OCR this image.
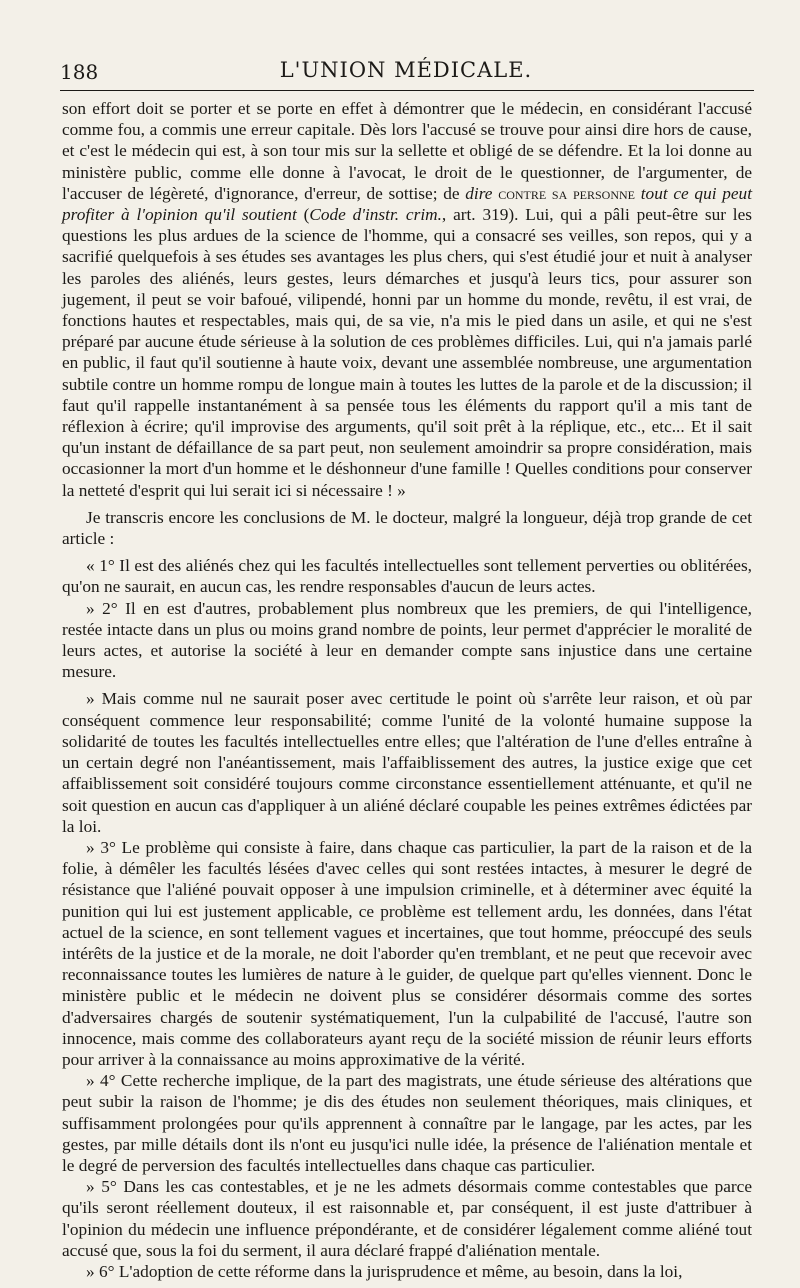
188	L'UNION MÉDICALE.

son effort doit se porter et se porte en effet à démontrer que le médecin, en considérant l'accusé comme fou, a commis une erreur capitale. Dès lors l'accusé se trouve pour ainsi dire hors de cause, et c'est le médecin qui est, à son tour mis sur la sellette et obligé de se défendre. Et la loi donne au ministère public, comme elle donne à l'avocat, le droit de le questionner, de l'argumenter, de l'accuser de légèreté, d'ignorance, d'erreur, de sottise; de dire contre sa personne tout ce qui peut profiter à l'opinion qu'il soutient (Code d'instr. crim., art. 319). Lui, qui a pâli peut-être sur les questions les plus ardues de la science de l'homme, qui a consacré ses veilles, son repos, qui y a sacrifié quelquefois à ses études ses avantages les plus chers, qui s'est étudié jour et nuit à analyser les paroles des aliénés, leurs gestes, leurs démarches et jusqu'à leurs tics, pour assurer son jugement, il peut se voir bafoué, vilipendé, honni par un homme du monde, revêtu, il est vrai, de fonctions hautes et respectables, mais qui, de sa vie, n'a mis le pied dans un asile, et qui ne s'est préparé par aucune étude sérieuse à la solution de ces problèmes difficiles. Lui, qui n'a jamais parlé en public, il faut qu'il soutienne à haute voix, devant une assemblée nombreuse, une argumentation subtile contre un homme rompu de longue main à toutes les luttes de la parole et de la discussion; il faut qu'il rappelle instantanément à sa pensée tous les éléments du rapport qu'il a mis tant de réflexion à écrire; qu'il improvise des arguments, qu'il soit prêt à la réplique, etc., etc... Et il sait qu'un instant de défaillance de sa part peut, non seulement amoindrir sa propre considération, mais occasionner la mort d'un homme et le déshonneur d'une famille ! Quelles conditions pour conserver la netteté d'esprit qui lui serait ici si nécessaire ! »

Je transcris encore les conclusions de M. le docteur, malgré la longueur, déjà trop grande de cet article :

« 1° Il est des aliénés chez qui les facultés intellectuelles sont tellement perverties ou oblitérées, qu'on ne saurait, en aucun cas, les rendre responsables d'aucun de leurs actes.

» 2° Il en est d'autres, probablement plus nombreux que les premiers, de qui l'intelligence, restée intacte dans un plus ou moins grand nombre de points, leur permet d'apprécier le moralité de leurs actes, et autorise la société à leur en demander compte sans injustice dans une certaine mesure.

» Mais comme nul ne saurait poser avec certitude le point où s'arrête leur raison, et où par conséquent commence leur responsabilité; comme l'unité de la volonté humaine suppose la solidarité de toutes les facultés intellectuelles entre elles; que l'altération de l'une d'elles entraîne à un certain degré non l'anéantissement, mais l'affaiblissement des autres, la justice exige que cet affaiblissement soit considéré toujours comme circonstance essentiellement atténuante, et qu'il ne soit question en aucun cas d'appliquer à un aliéné déclaré coupable les peines extrêmes édictées par la loi.

» 3° Le problème qui consiste à faire, dans chaque cas particulier, la part de la raison et de la folie, à démêler les facultés lésées d'avec celles qui sont restées intactes, à mesurer le degré de résistance que l'aliéné pouvait opposer à une impulsion criminelle, et à déterminer avec équité la punition qui lui est justement applicable, ce problème est tellement ardu, les données, dans l'état actuel de la science, en sont tellement vagues et incertaines, que tout homme, préoccupé des seuls intérêts de la justice et de la morale, ne doit l'aborder qu'en tremblant, et ne peut que recevoir avec reconnaissance toutes les lumières de nature à le guider, de quelque part qu'elles viennent. Donc le ministère public et le médecin ne doivent plus se considérer désormais comme des sortes d'adversaires chargés de soutenir systématiquement, l'un la culpabilité de l'accusé, l'autre son innocence, mais comme des collaborateurs ayant reçu de la société mission de réunir leurs efforts pour arriver à la connaissance au moins approximative de la vérité.

» 4° Cette recherche implique, de la part des magistrats, une étude sérieuse des altérations que peut subir la raison de l'homme; je dis des études non seulement théoriques, mais cliniques, et suffisamment prolongées pour qu'ils apprennent à connaître par le langage, par les actes, par les gestes, par mille détails dont ils n'ont eu jusqu'ici nulle idée, la présence de l'aliénation mentale et le degré de perversion des facultés intellectuelles dans chaque cas particulier.

» 5° Dans les cas contestables, et je ne les admets désormais comme contestables que parce qu'ils seront réellement douteux, il est raisonnable et, par conséquent, il est juste d'attribuer à l'opinion du médecin une influence prépondérante, et de considérer légalement comme aliéné tout accusé que, sous la foi du serment, il aura déclaré frappé d'aliénation mentale.

» 6° L'adoption de cette réforme dans la jurisprudence et même, au besoin, dans la loi,
